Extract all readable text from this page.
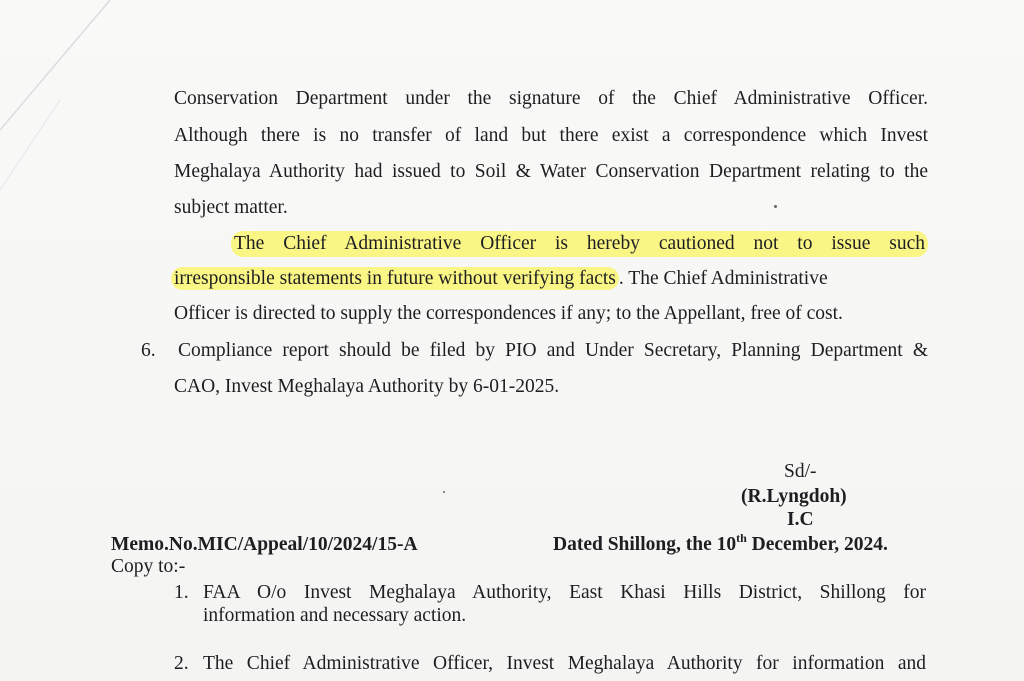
Conservation Department under the signature of the Chief Administrative Officer.
Although there is no transfer of land but there exist a correspondence which Invest
Meghalaya Authority had issued to Soil & Water Conservation Department relating to the
subject matter.
The Chief Administrative Officer is hereby cautioned not to issue such
irresponsible statements in future without verifying facts . The Chief Administrative
Officer is directed to supply the correspondences if any; to the Appellant, free of cost.
6. Compliance report should be filed by PIO and Under Secretary, Planning Department &
CAO, Invest Meghalaya Authority by 6-01-2025.
Sd/-
(R.Lyngdoh)
I.C
Memo.No.MIC/Appeal/10/2024/15-A	Dated Shillong, the 10th December, 2024.
Copy to:-
1. FAA O/o Invest Meghalaya Authority, East Khasi Hills District, Shillong for
information and necessary action.
2. The Chief Administrative Officer, Invest Meghalaya Authority for information and
